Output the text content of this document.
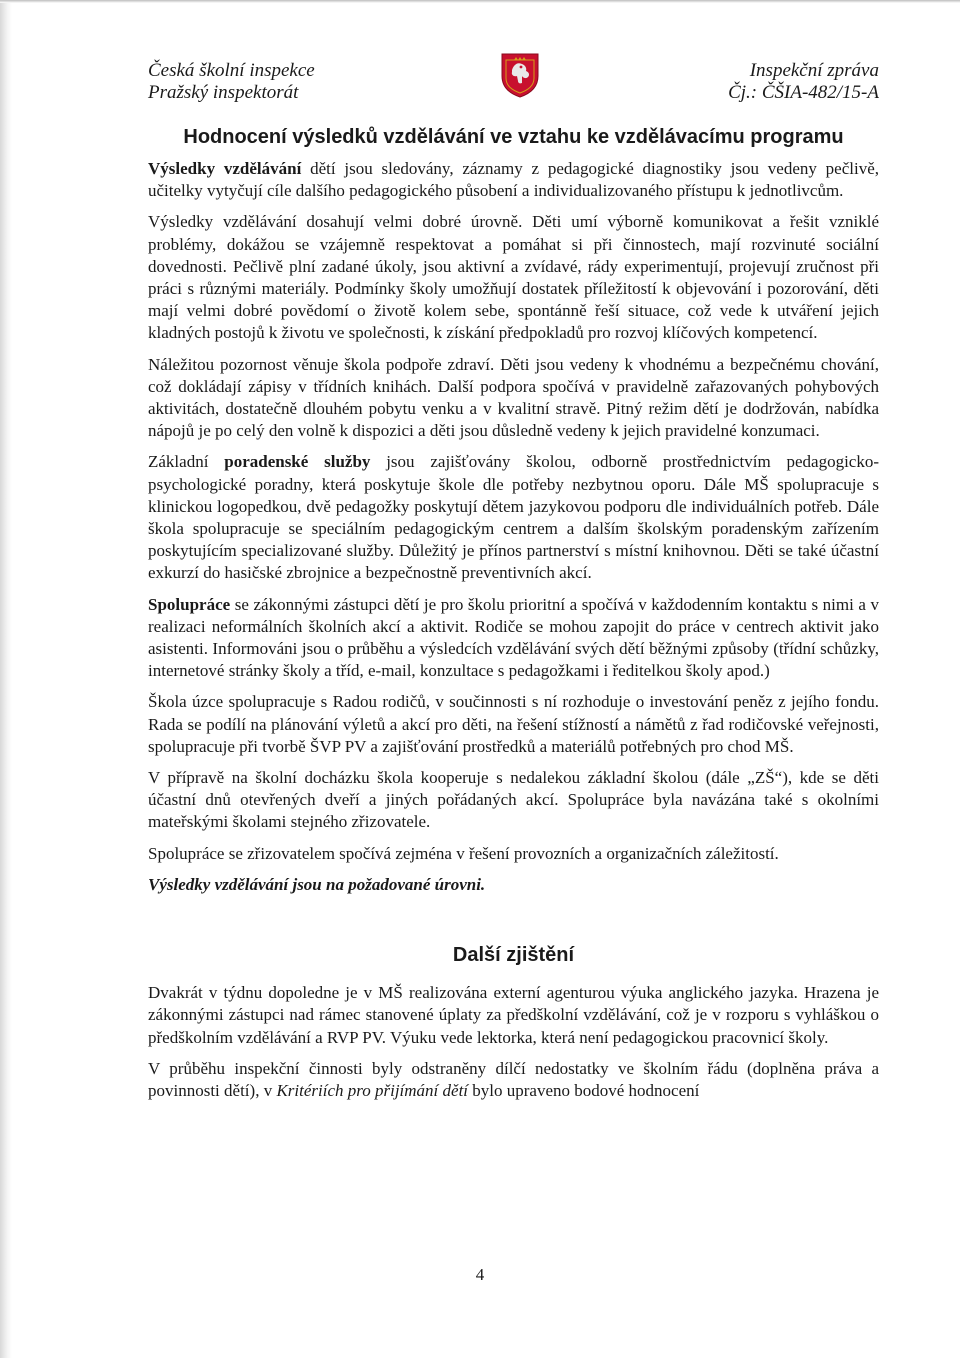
Česká školní inspekce
Pražský inspektorát
Inspekční zpráva
Čj.: ČŠIA-482/15-A
Hodnocení výsledků vzdělávání ve vztahu ke vzdělávacímu programu

Výsledky vzdělávání dětí jsou sledovány, záznamy z pedagogické diagnostiky jsou vedeny pečlivě, učitelky vytyčují cíle dalšího pedagogického působení a individualizovaného přístupu k jednotlivcům.

Výsledky vzdělávání dosahují velmi dobré úrovně. Děti umí výborně komunikovat a řešit vzniklé problémy, dokážou se vzájemně respektovat a pomáhat si při činnostech, mají rozvinuté sociální dovednosti. Pečlivě plní zadané úkoly, jsou aktivní a zvídavé, rády experimentují, projevují zručnost při práci s různými materiály. Podmínky školy umožňují dostatek příležitostí k objevování i pozorování, děti mají velmi dobré povědomí o životě kolem sebe, spontánně řeší situace, což vede k utváření jejich kladných postojů k životu ve společnosti, k získání předpokladů pro rozvoj klíčových kompetencí.

Náležitou pozornost věnuje škola podpoře zdraví. Děti jsou vedeny k vhodnému a bezpečnému chování, což dokládají zápisy v třídních knihách. Další podpora spočívá v pravidelně zařazovaných pohybových aktivitách, dostatečně dlouhém pobytu venku a v kvalitní stravě. Pitný režim dětí je dodržován, nabídka nápojů je po celý den volně k dispozici a děti jsou důsledně vedeny k jejich pravidelné konzumaci.

Základní poradenské služby jsou zajišťovány školou, odborně prostřednictvím pedagogicko-psychologické poradny, která poskytuje škole dle potřeby nezbytnou oporu. Dále MŠ spolupracuje s klinickou logopedkou, dvě pedagožky poskytují dětem jazykovou podporu dle individuálních potřeb. Dále škola spolupracuje se speciálním pedagogickým centrem a dalším školským poradenským zařízením poskytujícím specializované služby. Důležitý je přínos partnerství s místní knihovnou. Děti se také účastní exkurzí do hasičské zbrojnice a bezpečnostně preventivních akcí.

Spolupráce se zákonnými zástupci dětí je pro školu prioritní a spočívá v každodenním kontaktu s nimi a v realizaci neformálních školních akcí a aktivit. Rodiče se mohou zapojit do práce v centrech aktivit jako asistenti. Informováni jsou o průběhu a výsledcích vzdělávání svých dětí běžnými způsoby (třídní schůzky, internetové stránky školy a tříd, e-mail, konzultace s pedagožkami i ředitelkou školy apod.)

Škola úzce spolupracuje s Radou rodičů, v součinnosti s ní rozhoduje o investování peněz z jejího fondu. Rada se podílí na plánování výletů a akcí pro děti, na řešení stížností a námětů z řad rodičovské veřejnosti, spolupracuje při tvorbě ŠVP PV a zajišťování prostředků a materiálů potřebných pro chod MŠ.

V přípravě na školní docházku škola kooperuje s nedalekou základní školou (dále „ZŠ“), kde se děti účastní dnů otevřených dveří a jiných pořádaných akcí. Spolupráce byla navázána také s okolními mateřskými školami stejného zřizovatele.

Spolupráce se zřizovatelem spočívá zejména v řešení provozních a organizačních záležitostí.

Výsledky vzdělávání jsou na požadované úrovni.

Další zjištění

Dvakrát v týdnu dopoledne je v MŠ realizována externí agenturou výuka anglického jazyka. Hrazena je zákonnými zástupci nad rámec stanovené úplaty za předškolní vzdělávání, což je v rozporu s vyhláškou o předškolním vzdělávání a RVP PV. Výuku vede lektorka, která není pedagogickou pracovnicí školy.

V průběhu inspekční činnosti byly odstraněny dílčí nedostatky ve školním řádu (doplněna práva a povinnosti dětí), v Kritériích pro přijímání dětí bylo upraveno bodové hodnocení

4
